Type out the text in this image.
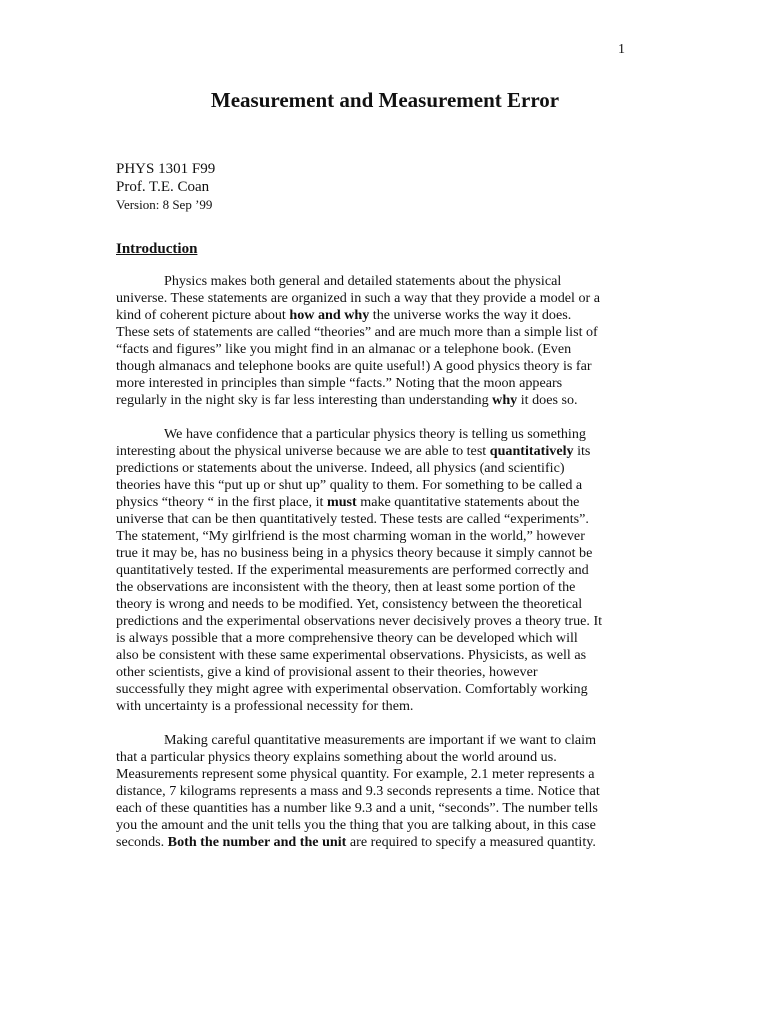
1
Measurement and Measurement Error
PHYS 1301 F99
Prof. T.E. Coan
Version: 8 Sep ’99
Introduction

Physics makes both general and detailed statements about the physical
universe. These statements are organized in such a way that they provide a model or a
kind of coherent picture about how and why the universe works the way it does.
These sets of statements are called “theories” and are much more than a simple list of
“facts and figures” like you might find in an almanac or a telephone book. (Even
though almanacs and telephone books are quite useful!) A good physics theory is far
more interested in principles than simple “facts.” Noting that the moon appears
regularly in the night sky is far less interesting than understanding why it does so.

We have confidence that a particular physics theory is telling us something
interesting about the physical universe because we are able to test quantitatively its
predictions or statements about the universe. Indeed, all physics (and scientific)
theories have this “put up or shut up” quality to them. For something to be called a
physics “theory “ in the first place, it must make quantitative statements about the
universe that can be then quantitatively tested. These tests are called “experiments”.
The statement, “My girlfriend is the most charming woman in the world,” however
true it may be, has no business being in a physics theory because it simply cannot be
quantitatively tested. If the experimental measurements are performed correctly and
the observations are inconsistent with the theory, then at least some portion of the
theory is wrong and needs to be modified. Yet, consistency between the theoretical
predictions and the experimental observations never decisively proves a theory true. It
is always possible that a more comprehensive theory can be developed which will
also be consistent with these same experimental observations. Physicists, as well as
other scientists, give a kind of provisional assent to their theories, however
successfully they might agree with experimental observation. Comfortably working
with uncertainty is a professional necessity for them.

Making careful quantitative measurements are important if we want to claim
that a particular physics theory explains something about the world around us.
Measurements represent some physical quantity. For example, 2.1 meter represents a
distance, 7 kilograms represents a mass and 9.3 seconds represents a time. Notice that
each of these quantities has a number like 9.3 and a unit, “seconds”. The number tells
you the amount and the unit tells you the thing that you are talking about, in this case
seconds. Both the number and the unit are required to specify a measured quantity.
